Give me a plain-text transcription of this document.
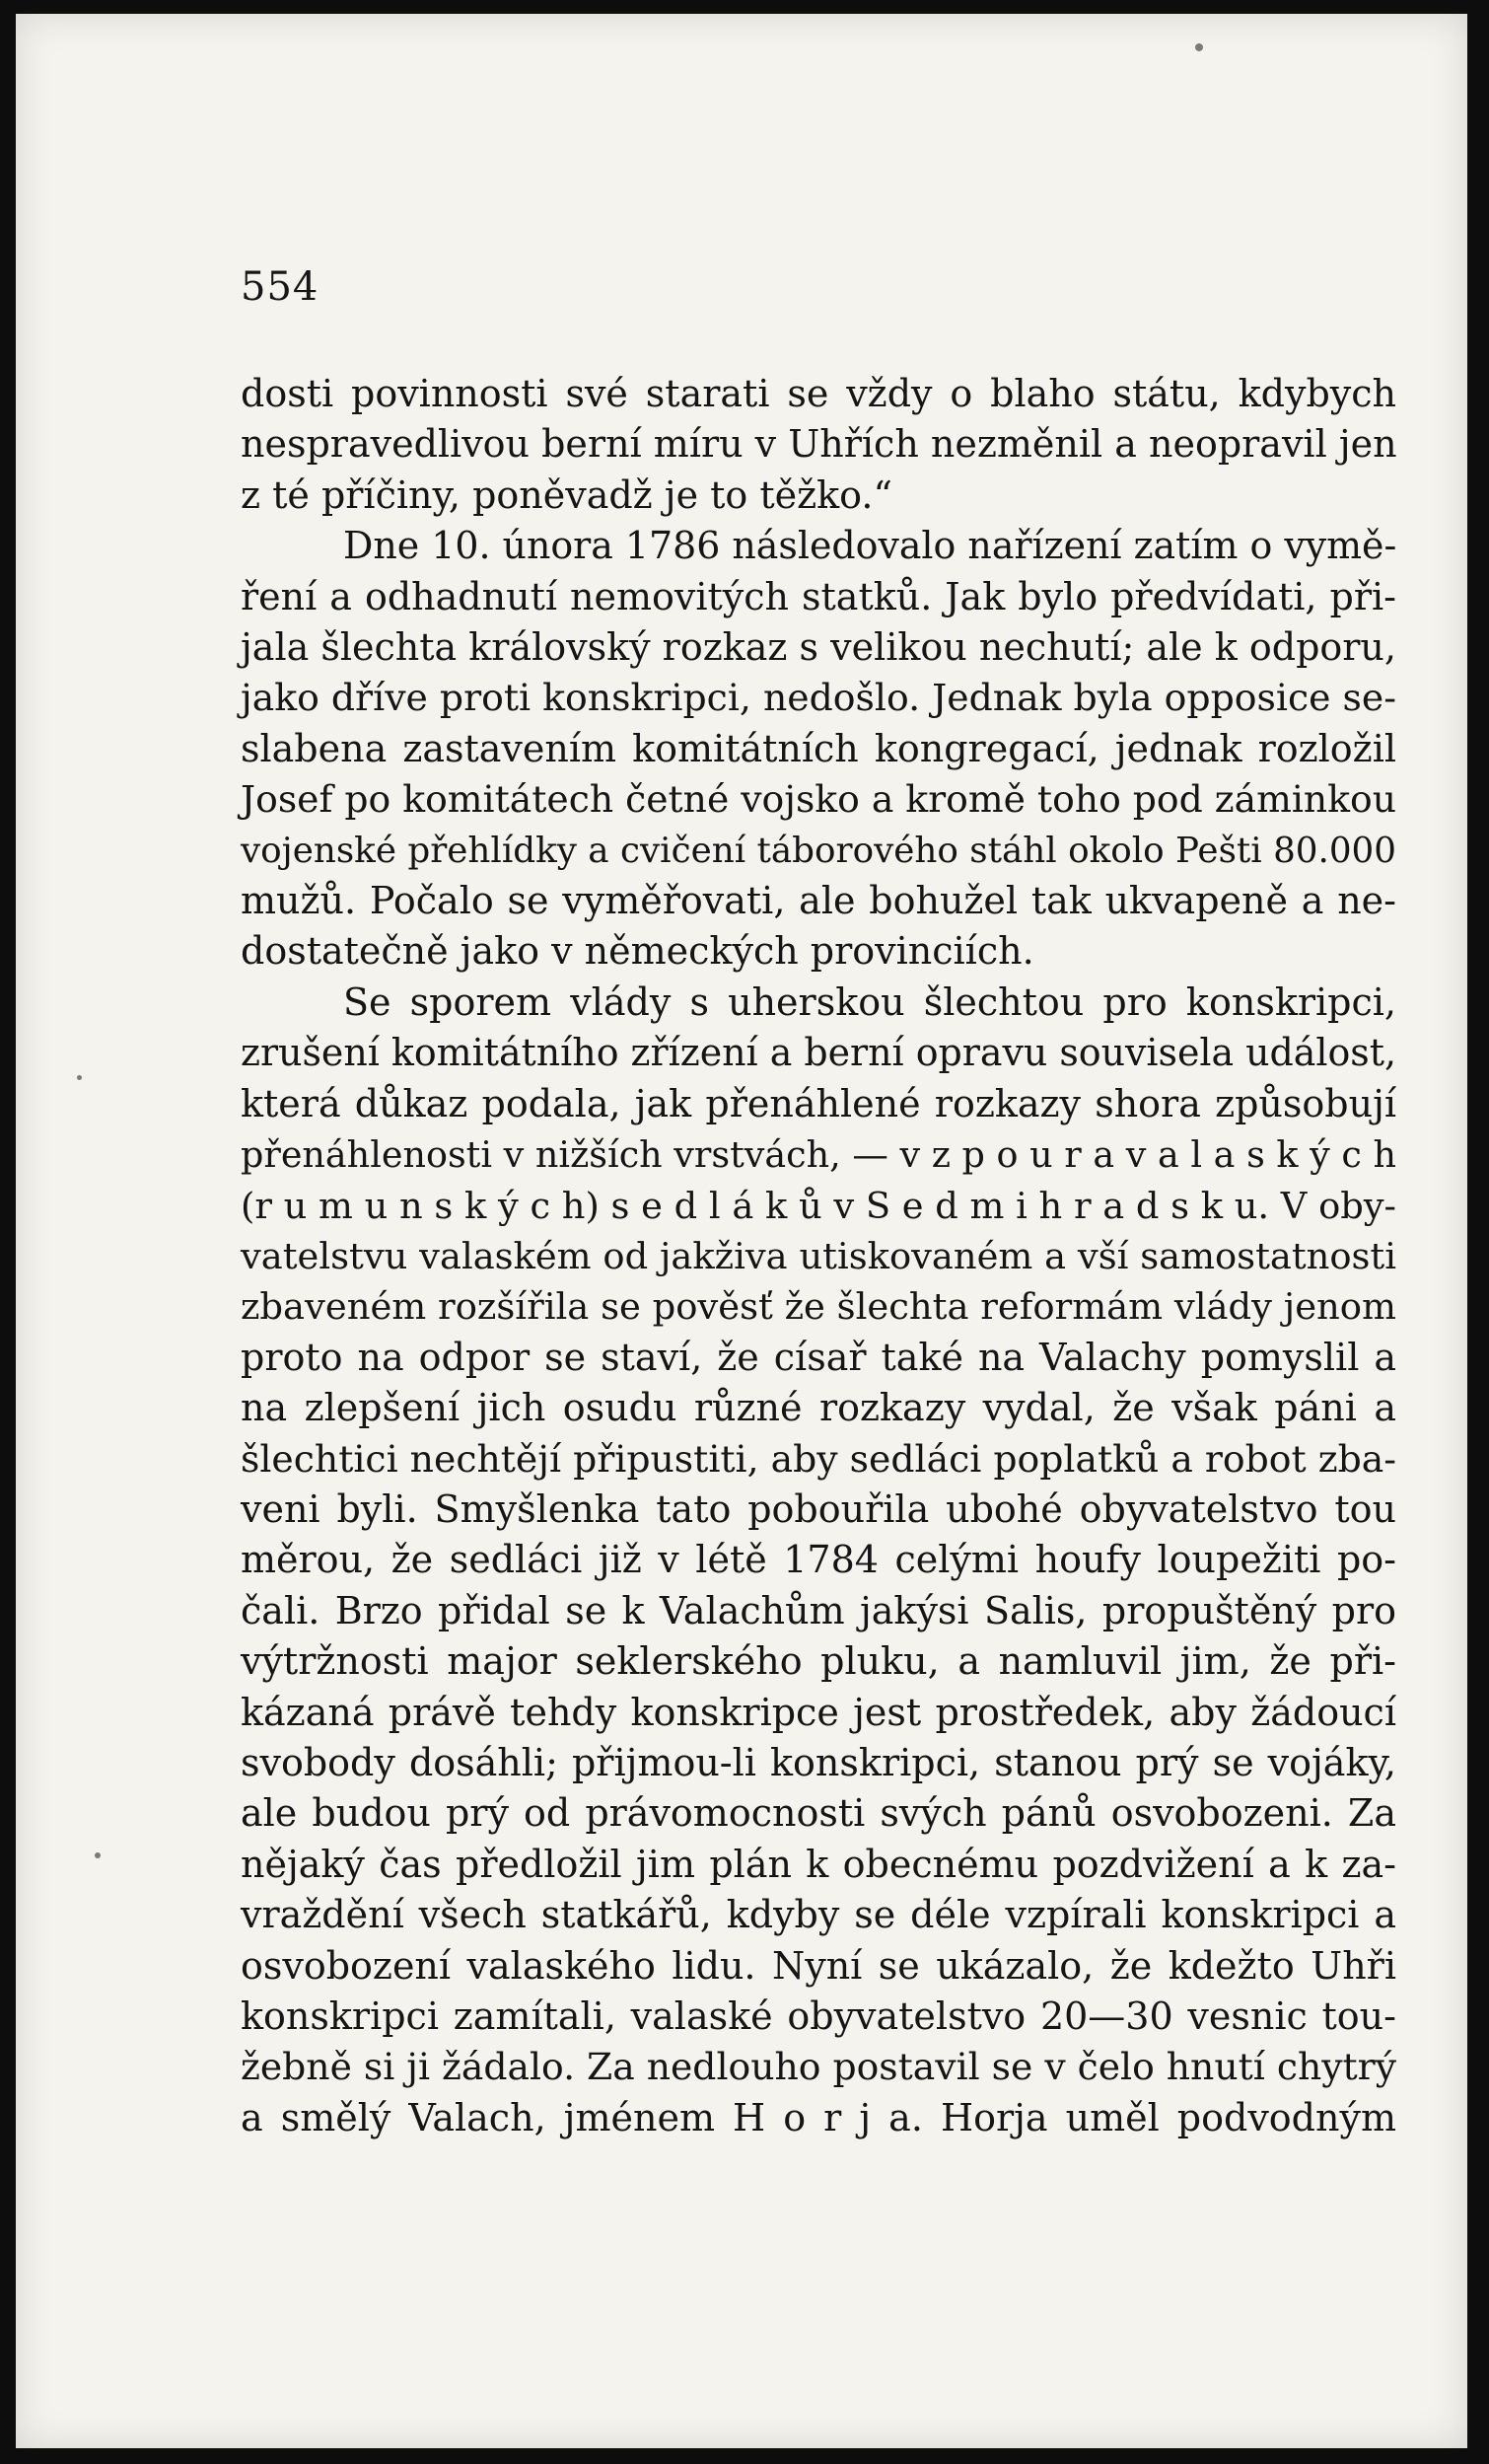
554
dosti povinnosti své starati se vždy o blaho státu, kdybych
nespravedlivou berní míru v Uhřích nezměnil a neopravil jen
z té příčiny, poněvadž je to těžko.“
Dne 10. února 1786 následovalo nařízení zatím o vymě-
ření a odhadnutí nemovitých statků. Jak bylo předvídati, při-
jala šlechta královský rozkaz s velikou nechutí; ale k odporu,
jako dříve proti konskripci, nedošlo. Jednak byla opposice se-
slabena zastavením komitátních kongregací, jednak rozložil
Josef po komitátech četné vojsko a kromě toho pod záminkou
vojenské přehlídky a cvičení táborového stáhl okolo Pešti 80.000
mužů. Počalo se vyměřovati, ale bohužel tak ukvapeně a ne-
dostatečně jako v německých provinciích.
Se sporem vlády s uherskou šlechtou pro konskripci,
zrušení komitátního zřízení a berní opravu souvisela událost,
která důkaz podala, jak přenáhlené rozkazy shora způsobují
přenáhlenosti v nižších vrstvách, — v z p o u r a v a l a s k ý c h
(r u m u n s k ý c h) s e d l á k ů v S e d m i h r a d s k u. V oby-
vatelstvu valaském od jakživa utiskovaném a vší samostatnosti
zbaveném rozšířila se pověsť že šlechta reformám vlády jenom
proto na odpor se staví, že císař také na Valachy pomyslil a
na zlepšení jich osudu různé rozkazy vydal, že však páni a
šlechtici nechtějí připustiti, aby sedláci poplatků a robot zba-
veni byli. Smyšlenka tato pobouřila ubohé obyvatelstvo tou
měrou, že sedláci již v létě 1784 celými houfy loupežiti po-
čali. Brzo přidal se k Valachům jakýsi Salis, propuštěný pro
výtržnosti major seklerského pluku, a namluvil jim, že při-
kázaná právě tehdy konskripce jest prostředek, aby žádoucí
svobody dosáhli; přijmou-li konskripci, stanou prý se vojáky,
ale budou prý od právomocnosti svých pánů osvobozeni. Za
nějaký čas předložil jim plán k obecnému pozdvižení a k za-
vraždění všech statkářů, kdyby se déle vzpírali konskripci a
osvobození valaského lidu. Nyní se ukázalo, že kdežto Uhři
konskripci zamítali, valaské obyvatelstvo 20—30 vesnic tou-
žebně si ji žádalo. Za nedlouho postavil se v čelo hnutí chytrý
a smělý Valach, jménem H o r j a. Horja uměl podvodným
